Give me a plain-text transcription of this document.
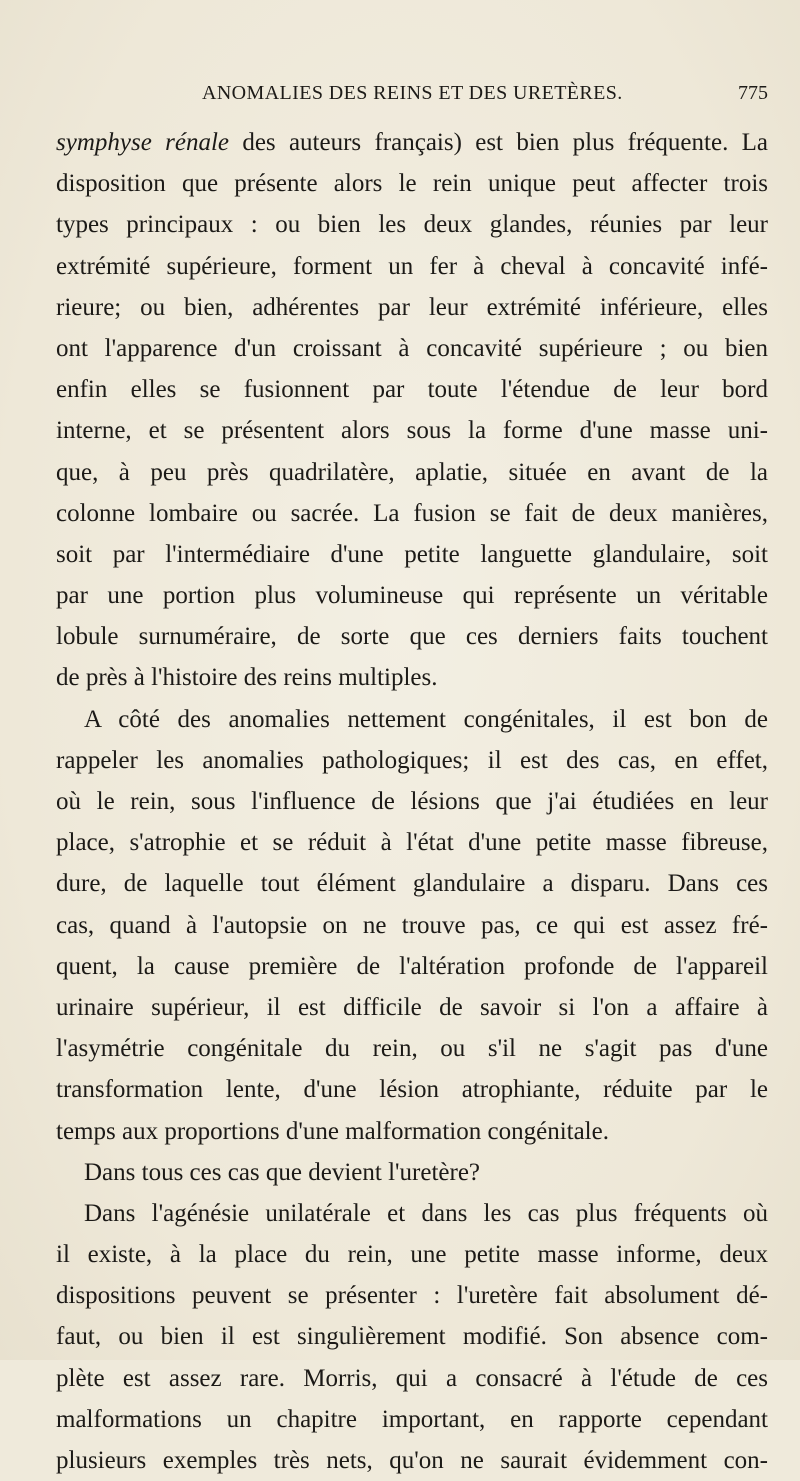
ANOMALIES DES REINS ET DES URETÈRES.	775
symphyse rénale des auteurs français) est bien plus fréquente. La
disposition que présente alors le rein unique peut affecter trois
types principaux : ou bien les deux glandes, réunies par leur
extrémité supérieure, forment un fer à cheval à concavité infé-
rieure; ou bien, adhérentes par leur extrémité inférieure, elles
ont l'apparence d'un croissant à concavité supérieure ; ou bien
enfin elles se fusionnent par toute l'étendue de leur bord
interne, et se présentent alors sous la forme d'une masse uni-
que, à peu près quadrilatère, aplatie, située en avant de la
colonne lombaire ou sacrée. La fusion se fait de deux manières,
soit par l'intermédiaire d'une petite languette glandulaire, soit
par une portion plus volumineuse qui représente un véritable
lobule surnuméraire, de sorte que ces derniers faits touchent
de près à l'histoire des reins multiples.
A côté des anomalies nettement congénitales, il est bon de
rappeler les anomalies pathologiques; il est des cas, en effet,
où le rein, sous l'influence de lésions que j'ai étudiées en leur
place, s'atrophie et se réduit à l'état d'une petite masse fibreuse,
dure, de laquelle tout élément glandulaire a disparu. Dans ces
cas, quand à l'autopsie on ne trouve pas, ce qui est assez fré-
quent, la cause première de l'altération profonde de l'appareil
urinaire supérieur, il est difficile de savoir si l'on a affaire à
l'asymétrie congénitale du rein, ou s'il ne s'agit pas d'une
transformation lente, d'une lésion atrophiante, réduite par le
temps aux proportions d'une malformation congénitale.
Dans tous ces cas que devient l'uretère?
Dans l'agénésie unilatérale et dans les cas plus fréquents où
il existe, à la place du rein, une petite masse informe, deux
dispositions peuvent se présenter : l'uretère fait absolument dé-
faut, ou bien il est singulièrement modifié. Son absence com-
plète est assez rare. Morris, qui a consacré à l'étude de ces
malformations un chapitre important, en rapporte cependant
plusieurs exemples très nets, qu'on ne saurait évidemment con-
